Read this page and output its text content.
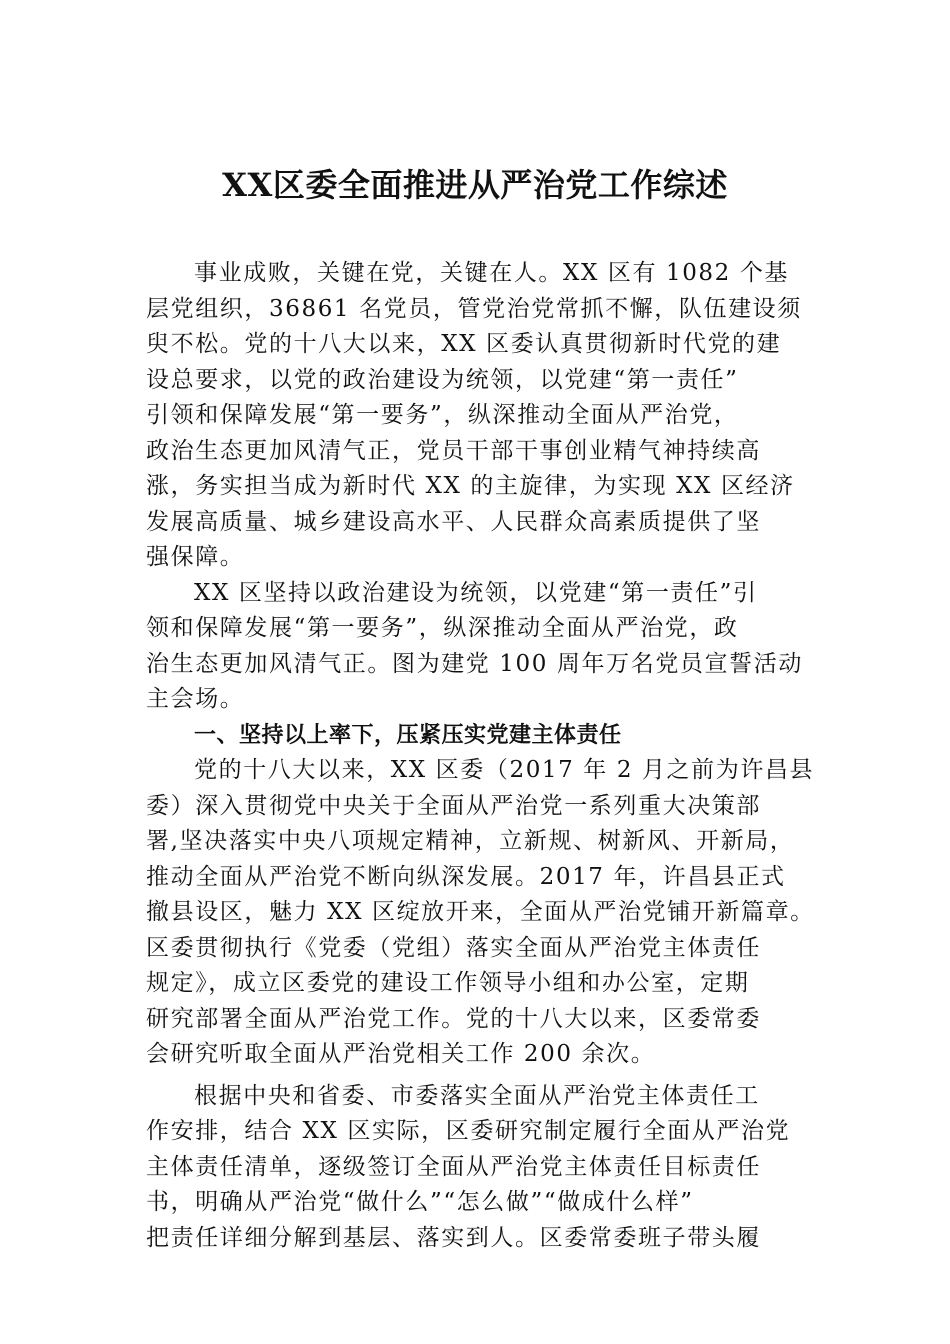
XX区委全面推进从严治党工作综述
事业成败，关键在党，关键在人。XX 区有 1082 个基
层党组织，36861 名党员，管党治党常抓不懈，队伍建设须
臾不松。党的十八大以来，XX 区委认真贯彻新时代党的建
设总要求，以党的政治建设为统领，以党建“第一责任”
引领和保障发展“第一要务”，纵深推动全面从严治党，
政治生态更加风清气正，党员干部干事创业精气神持续高
涨，务实担当成为新时代 XX 的主旋律，为实现 XX 区经济
发展高质量、城乡建设高水平、人民群众高素质提供了坚
强保障。
XX 区坚持以政治建设为统领，以党建“第一责任”引
领和保障发展“第一要务”，纵深推动全面从严治党，政
治生态更加风清气正。图为建党 100 周年万名党员宣誓活动
主会场。
一、坚持以上率下，压紧压实党建主体责任
党的十八大以来，XX 区委（2017 年 2 月之前为许昌县
委）深入贯彻党中央关于全面从严治党一系列重大决策部
署,坚决落实中央八项规定精神，立新规、树新风、开新局，
推动全面从严治党不断向纵深发展。2017 年，许昌县正式
撤县设区，魅力 XX 区绽放开来，全面从严治党铺开新篇章。
区委贯彻执行《党委（党组）落实全面从严治党主体责任
规定》，成立区委党的建设工作领导小组和办公室，定期
研究部署全面从严治党工作。党的十八大以来，区委常委
会研究听取全面从严治党相关工作 200 余次。
根据中央和省委、市委落实全面从严治党主体责任工
作安排，结合 XX 区实际，区委研究制定履行全面从严治党
主体责任清单，逐级签订全面从严治党主体责任目标责任
书，明确从严治党“做什么”“怎么做”“做成什么样”
把责任详细分解到基层、落实到人。区委常委班子带头履
